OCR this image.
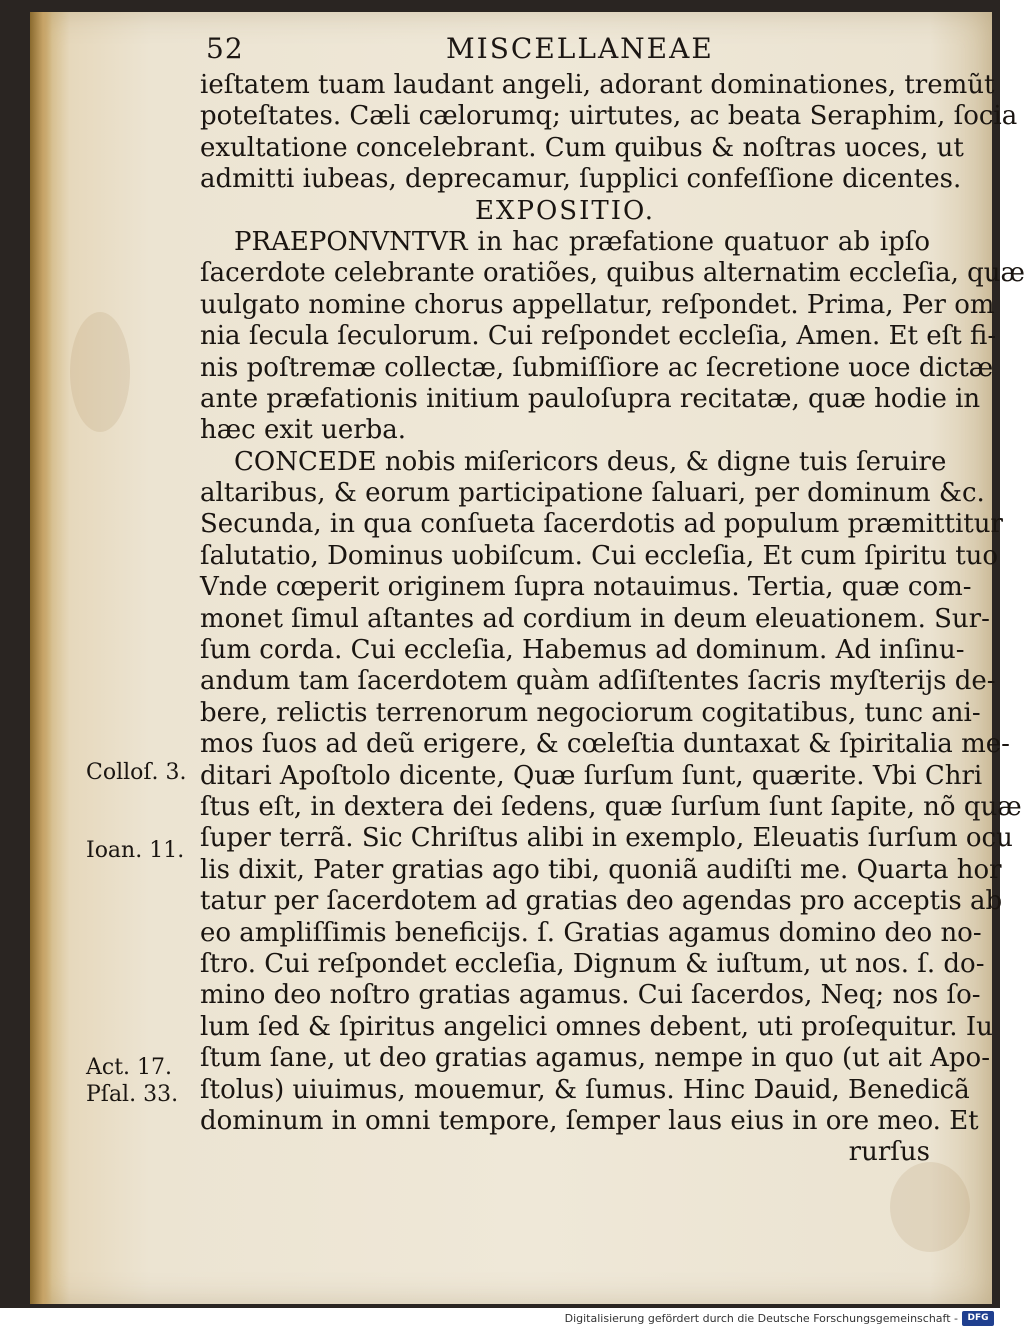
52	MISCELLANEAE
ieſtatem tuam laudant angeli, adorant dominationes, tremũt
poteſtates. Cæli cælorumq; uirtutes, ac beata Seraphim, ſocia
exultatione concelebrant. Cum quibus & noſtras uoces, ut
admitti iubeas, deprecamur, ſupplici confeſſione dicentes.
EXPOSITIO.
PRAEPONVNTVR in hac præfatione quatuor ab ipſo
ſacerdote celebrante oratiões, quibus alternatim eccleſia, quæ
uulgato nomine chorus appellatur, reſpondet. Prima, Per om
nia ſecula ſeculorum. Cui reſpondet eccleſia, Amen. Et eſt fi-
nis poſtremæ collectæ, ſubmiſſiore ac ſecretione uoce dictæ
ante præfationis initium pauloſupra recitatæ, quæ hodie in
hæc exit uerba.
CONCEDE nobis miſericors deus, & digne tuis ſeruire
altaribus, & eorum participatione ſaluari, per dominum &c.
Secunda, in qua conſueta ſacerdotis ad populum præmittitur
ſalutatio, Dominus uobiſcum. Cui eccleſia, Et cum ſpiritu tuo
Vnde cœperit originem ſupra notauimus. Tertia, quæ com-
monet ſimul aſtantes ad cordium in deum eleuationem. Sur-
ſum corda. Cui eccleſia, Habemus ad dominum. Ad inſinu-
andum tam ſacerdotem quàm adſiſtentes ſacris myſterijs de-
bere, relictis terrenorum negociorum cogitatibus, tunc ani-
mos ſuos ad deũ erigere, & cœleſtia duntaxat & ſpiritalia me-
ditari Apoſtolo dicente, Quæ ſurſum ſunt, quærite. Vbi Chri
ſtus eſt, in dextera dei ſedens, quæ ſurſum ſunt ſapite, nõ quæ
ſuper terrã. Sic Chriſtus alibi in exemplo, Eleuatis ſurſum ocu
lis dixit, Pater gratias ago tibi, quoniã audiſti me. Quarta hor
tatur per ſacerdotem ad gratias deo agendas pro acceptis ab
eo ampliſſimis beneficijs. ſ. Gratias agamus domino deo no-
ſtro. Cui reſpondet eccleſia, Dignum & iuſtum, ut nos. ſ. do-
mino deo noſtro gratias agamus. Cui ſacerdos, Neq; nos ſo-
lum ſed & ſpiritus angelici omnes debent, uti proſequitur. Iu
ſtum ſane, ut deo gratias agamus, nempe in quo (ut ait Apo-
ſtolus) uiuimus, mouemur, & ſumus. Hinc Dauid, Benedicã
dominum in omni tempore, ſemper laus eius in ore meo. Et
rurſus
Colloſ. 3.
Ioan. 11.
Act. 17.
Pſal. 33.
Digitalisierung gefördert durch die Deutsche Forschungsgemeinschaft -	DFG
